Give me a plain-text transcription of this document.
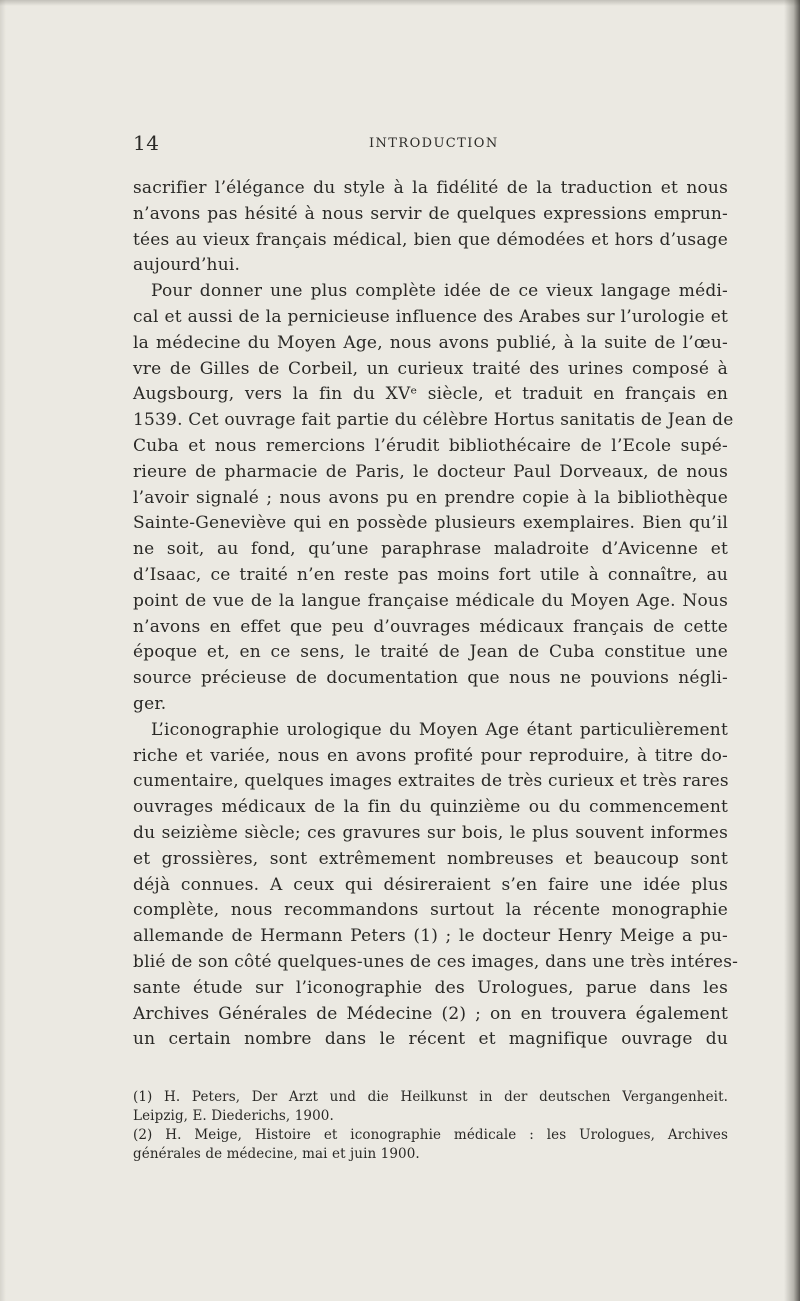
14	INTRODUCTION
sacrifier l’élégance du style à la fidélité de la traduction et nous
n’avons pas hésité à nous servir de quelques expressions emprun-
tées au vieux français médical, bien que démodées et hors d’usage
aujourd’hui.
Pour donner une plus complète idée de ce vieux langage médi-
cal et aussi de la pernicieuse influence des Arabes sur l’urologie et
la médecine du Moyen Age, nous avons publié, à la suite de l’œu-
vre de Gilles de Corbeil, un curieux traité des urines composé à
Augsbourg, vers la fin du XVᵉ siècle, et traduit en français en
1539. Cet ouvrage fait partie du célèbre Hortus sanitatis de Jean de
Cuba et nous remercions l’érudit bibliothécaire de l’Ecole supé-
rieure de pharmacie de Paris, le docteur Paul Dorveaux, de nous
l’avoir signalé ; nous avons pu en prendre copie à la bibliothèque
Sainte-Geneviève qui en possède plusieurs exemplaires. Bien qu’il
ne soit, au fond, qu’une paraphrase maladroite d’Avicenne et
d’Isaac, ce traité n’en reste pas moins fort utile à connaître, au
point de vue de la langue française médicale du Moyen Age. Nous
n’avons en effet que peu d’ouvrages médicaux français de cette
époque et, en ce sens, le traité de Jean de Cuba constitue une
source précieuse de documentation que nous ne pouvions négli-
ger.
L’iconographie urologique du Moyen Age étant particulièrement
riche et variée, nous en avons profité pour reproduire, à titre do-
cumentaire, quelques images extraites de très curieux et très rares
ouvrages médicaux de la fin du quinzième ou du commencement
du seizième siècle; ces gravures sur bois, le plus souvent informes
et grossières, sont extrêmement nombreuses et beaucoup sont
déjà connues. A ceux qui désireraient s’en faire une idée plus
complète, nous recommandons surtout la récente monographie
allemande de Hermann Peters (1) ; le docteur Henry Meige a pu-
blié de son côté quelques-unes de ces images, dans une très intéres-
sante étude sur l’iconographie des Urologues, parue dans les
Archives Générales de Médecine (2) ; on en trouvera également
un certain nombre dans le récent et magnifique ouvrage du
(1) H. Peters, Der Arzt und die Heilkunst in der deutschen Vergangenheit.
Leipzig, E. Diederichs, 1900.
(2) H. Meige, Histoire et iconographie médicale : les Urologues, Archives
générales de médecine, mai et juin 1900.
